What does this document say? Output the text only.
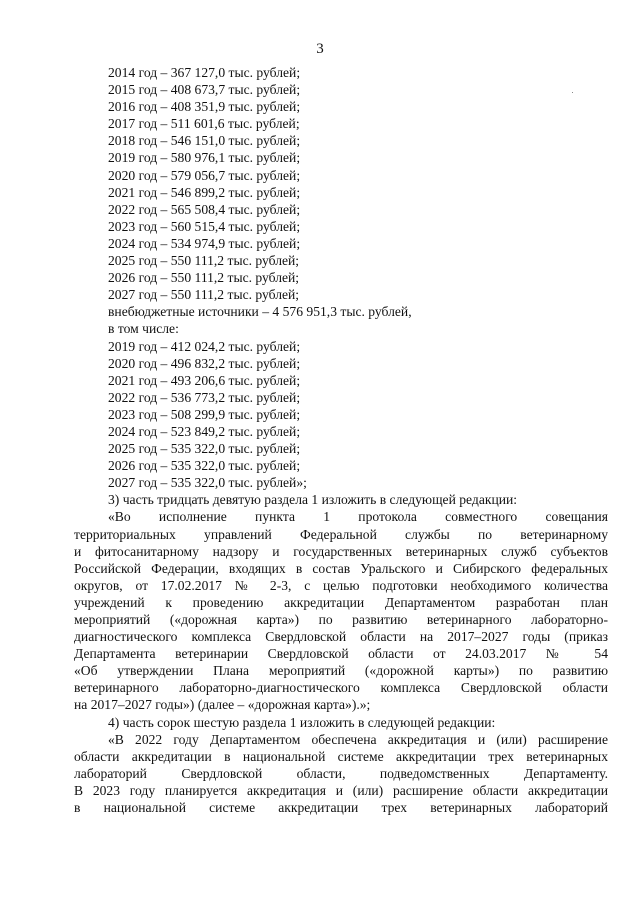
3
2014 год – 367 127,0 тыс. рублей;
2015 год – 408 673,7 тыс. рублей;
2016 год – 408 351,9 тыс. рублей;
2017 год – 511 601,6 тыс. рублей;
2018 год – 546 151,0 тыс. рублей;
2019 год – 580 976,1 тыс. рублей;
2020 год – 579 056,7 тыс. рублей;
2021 год – 546 899,2 тыс. рублей;
2022 год – 565 508,4 тыс. рублей;
2023 год – 560 515,4 тыс. рублей;
2024 год – 534 974,9 тыс. рублей;
2025 год – 550 111,2 тыс. рублей;
2026 год – 550 111,2 тыс. рублей;
2027 год – 550 111,2 тыс. рублей;
внебюджетные источники – 4 576 951,3 тыс. рублей,
в том числе:
2019 год – 412 024,2 тыс. рублей;
2020 год – 496 832,2 тыс. рублей;
2021 год – 493 206,6 тыс. рублей;
2022 год – 536 773,2 тыс. рублей;
2023 год – 508 299,9 тыс. рублей;
2024 год – 523 849,2 тыс. рублей;
2025 год – 535 322,0 тыс. рублей;
2026 год – 535 322,0 тыс. рублей;
2027 год – 535 322,0 тыс. рублей»;
3) часть тридцать девятую раздела 1 изложить в следующей редакции:
«Во исполнение пункта 1 протокола совместного совещания
территориальных управлений Федеральной службы по ветеринарному
и фитосанитарному надзору и государственных ветеринарных служб субъектов
Российской Федерации, входящих в состав Уральского и Сибирского федеральных
округов, от 17.02.2017 № 2-3, с целью подготовки необходимого количества
учреждений к проведению аккредитации Департаментом разработан план
мероприятий («дорожная карта») по развитию ветеринарного лабораторно-
диагностического комплекса Свердловской области на 2017–2027 годы (приказ
Департамента ветеринарии Свердловской области от 24.03.2017 № 54
«Об утверждении Плана мероприятий («дорожной карты») по развитию
ветеринарного лабораторно-диагностического комплекса Свердловской области
на 2017–2027 годы») (далее – «дорожная карта»).»;
4) часть сорок шестую раздела 1 изложить в следующей редакции:
«В 2022 году Департаментом обеспечена аккредитация и (или) расширение
области аккредитации в национальной системе аккредитации трех ветеринарных
лабораторий Свердловской области, подведомственных Департаменту.
В 2023 году планируется аккредитация и (или) расширение области аккредитации
в национальной системе аккредитации трех ветеринарных лабораторий
